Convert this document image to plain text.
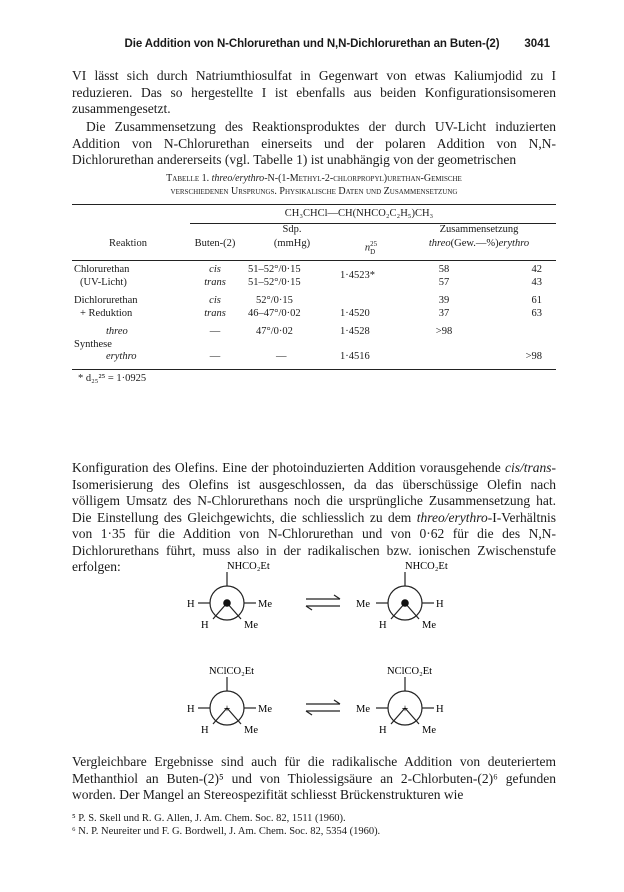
Die Addition von N-Chlorurethan und N,N-Dichlorurethan an Buten-(2)	3041

VI lässt sich durch Natriumthiosulfat in Gegenwart von etwas Kaliumjodid zu I reduzieren. Das so hergestellte I ist ebenfalls aus beiden Konfigurationsisomeren zusammengesetzt.

Die Zusammensetzung des Reaktionsproduktes der durch UV-Licht induzierten Addition von N-Chlorurethan einerseits und der polaren Addition von N,N-Dichlorurethan andererseits (vgl. Tabelle 1) ist unabhängig von der geometrischen

Tabelle 1. threo/erythro-N-(1-Methyl-2-chlorpropyl)urethan-Gemische
verschiedenen Ursprungs. Physikalische Daten und Zusammensetzung
CH₃CHCl—CH(NHCO₂C₂H₅)CH₃
		Sdp.		Zusammensetzung
Reaktion	Buten-(2)	(mmHg)	$n^{25}_D$	threo(Gew.—%)erythro
Chlorurethan	cis	51–52°/0·15	1·4523*	58	42
(UV-Licht)	trans	51–52°/0·15		57	43

Dichlorurethan	cis	52°/0·15		39	61
+ Reduktion	trans	46–47°/0·02	1·4520	37	63

threo	—	47°/0·02	1·4528	>98	
Synthese					
erythro	—	—	1·4516		>98
* d₂₅²⁵ = 1·0925

Konfiguration des Olefins. Eine der photoinduzierten Addition vorausgehende cis/trans-Isomerisierung des Olefins ist ausgeschlossen, da das überschüssige Olefin nach völligem Umsatz des N-Chlorurethans noch die ursprüngliche Zusammensetzung hat. Die Einstellung des Gleichgewichts, die schliesslich zu dem threo/erythro-I-Verhältnis von 1·35 für die Addition von N-Chlorurethan und von 0·62 für die des N,N-Dichlorurethans führt, muss also in der radikalischen bzw. ionischen Zwischenstufe erfolgen:	NHCO₂Et
H	Me
H	Me
NHCO₂Et
Me	H
H	Me
+
NClCO₂Et
H	Me
H	Me
+
NClCO₂Et
Me	H
H	Me

Vergleichbare Ergebnisse sind auch für die radikalische Addition von deuteriertem Methanthiol an Buten-(2)⁵ und von Thiolessigsäure an 2-Chlorbuten-(2)⁶ gefunden worden. Der Mangel an Stereospezifität schliesst Brückenstrukturen wie

⁵ P. S. Skell und R. G. Allen, J. Am. Chem. Soc. 82, 1511 (1960).
⁶ N. P. Neureiter und F. G. Bordwell, J. Am. Chem. Soc. 82, 5354 (1960).
